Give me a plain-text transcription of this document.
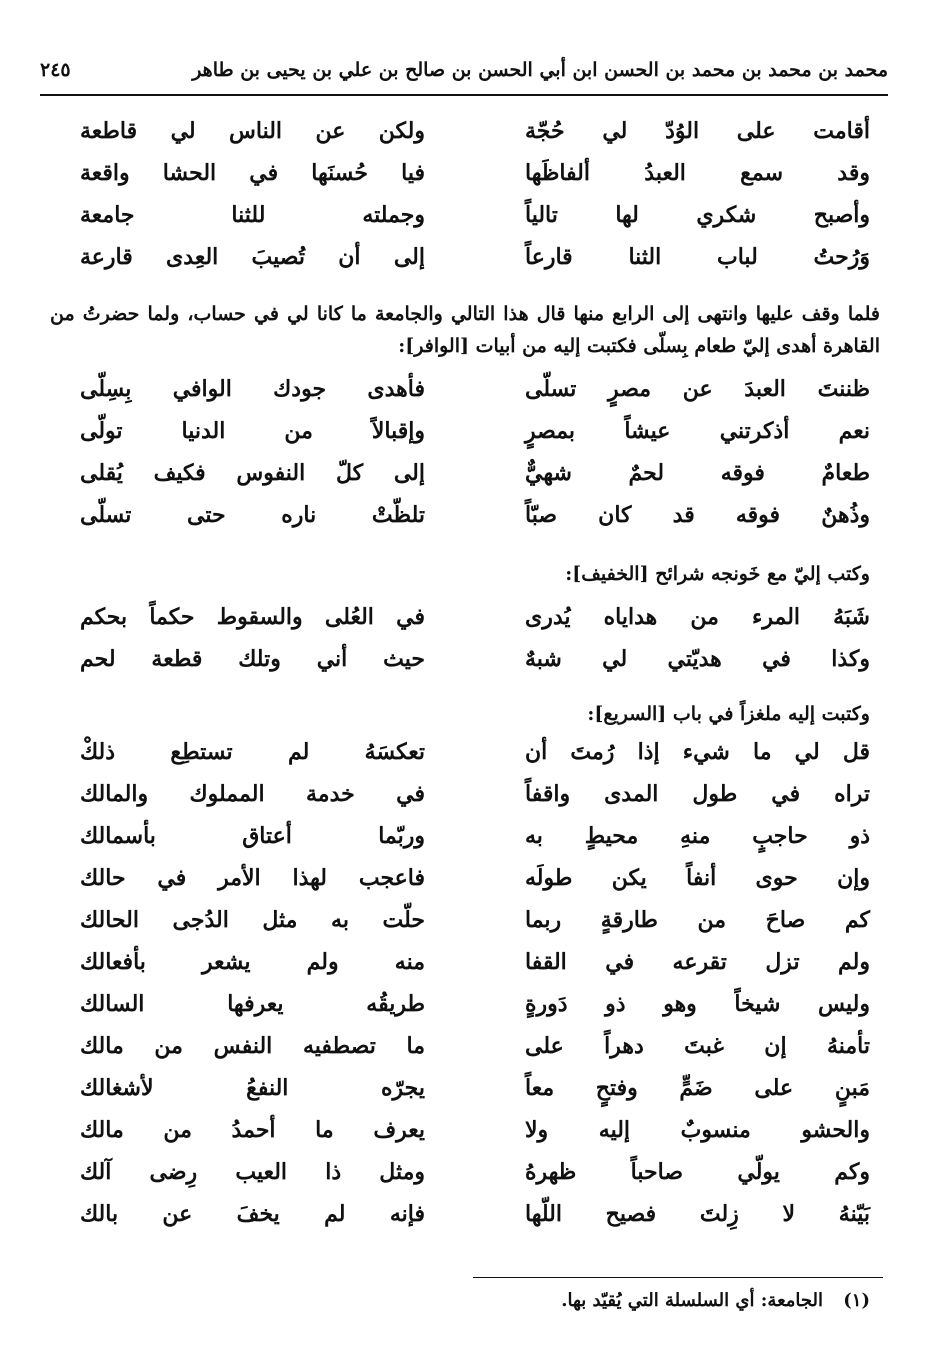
محمد بن محمد بن محمد بن الحسن ابن أبي الحسن بن صالح بن علي بن يحيى بن طاهر
٢٤٥
أقامت على الوُدّ لي حُجّة
ولكن عن الناس لي قاطعة
وقد سمع العبدُ ألفاظَها
فيا حُسنَها في الحشا واقعة
وأصبح شكري لها تالياً
وجملته للثنا جامعة
وَرُحتُ لباب الثنا قارعاً
إلى أن تُصيبَ العِدى قارعة
فلما وقف عليها وانتهى إلى الرابع منها قال هذا التالي والجامعة ما كانا لي في حساب، ولما حضرتُ من القاهرة أهدى إليّ طعام بِسلّى فكتبت إليه من أبيات [الوافر]:
ظننتَ العبدَ عن مصرٍ تسلّى
فأهدى جودك الوافي بِسِلّى
نعم أذكرتني عيشاً بمصرٍ
وإقبالاً من الدنيا تولّى
طعامٌ فوقه لحمٌ شهيٌّ
إلى كلّ النفوس فكيف يُقلى
وذُهنٌ فوقه قد كان صبّاً
تلظّتْ ناره حتى تسلّى
وكتب إليّ مع خَونجه شرائح [الخفيف]:
شَبَهُ المرء من هداياه يُدرى
في العُلى والسقوط حكماً بحكم
وكذا في هديّتي لي شبهٌ
حيث أني وتلك قطعة لحم
وكتبت إليه ملغزاً في باب [السريع]:
قل لي ما شيء إذا رُمتَ أن
تعكسَهُ لم تستطِع ذلكْ
تراه في طول المدى واقفاً
في خدمة المملوك والمالك
ذو حاجبٍ منهِ محيطٍ به
وربّما أعتاق بأسمالك
وإن حوى أنفاً يكن طولَه
فاعجب لهذا الأمر في حالك
كم صاحَ من طارقةٍ ربما
حلّت به مثل الدُجى الحالك
ولم تزل تقرعه في القفا
منه ولم يشعر بأفعالك
وليس شيخاً وهو ذو دَورةٍ
طريقُه يعرفها السالك
تأمنهُ إن غبتَ دهراً على
ما تصطفيه النفس من مالك
مَبنٍ على ضَمٍّ وفتحٍ معاً
يجرّه النفعُ لأشغالك
والحشو منسوبٌ إليه ولا
يعرف ما أحمدُ من مالك
وكم يولّي صاحباً ظهرهُ
ومثل ذا العيب رِضى آلك
بَيّنهُ لا زِلتَ فصيح اللّها
فإنه لم يخفَ عن بالك
(١) الجامعة: أي السلسلة التي يُقيّد بها.
